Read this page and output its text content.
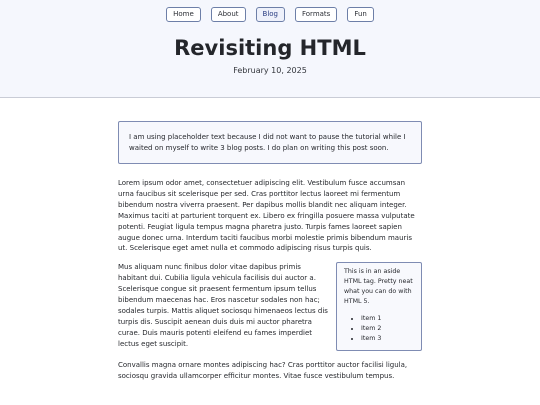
Home	About	Blog	Formats	Fun
Revisiting HTML
February 10, 2025
I am using placeholder text because I did not want to pause the tutorial while I waited on myself to write 3 blog posts. I do plan on writing this post soon.

Lorem ipsum odor amet, consectetuer adipiscing elit. Vestibulum fusce accumsan urna faucibus sit scelerisque per sed. Cras porttitor lectus laoreet mi fermentum bibendum nostra viverra praesent. Per dapibus mollis blandit nec aliquam integer. Maximus taciti at parturient torquent ex. Libero ex fringilla posuere massa vulputate potenti. Feugiat ligula tempus magna pharetra justo. Turpis fames laoreet sapien augue donec urna. Interdum taciti faucibus morbi molestie primis bibendum mauris ut. Scelerisque eget amet nulla et commodo adipiscing risus turpis quis.

This is in an aside HTML tag. Pretty neat what you can do with HTML 5.
• Item 1
• Item 2
• Item 3

Mus aliquam nunc finibus dolor vitae dapibus primis habitant dui. Cubilia ligula vehicula facilisis dui auctor a. Scelerisque congue sit praesent fermentum ipsum tellus bibendum maecenas hac. Eros nascetur sodales non hac; sodales turpis. Mattis aliquet sociosqu himenaeos lectus dis turpis dis. Suscipit aenean duis duis mi auctor pharetra curae. Duis mauris potenti eleifend eu fames imperdiet lectus eget suscipit.

Convallis magna ornare montes adipiscing hac? Cras porttitor auctor facilisi ligula, sociosqu gravida ullamcorper efficitur montes. Vitae fusce vestibulum tempus.
